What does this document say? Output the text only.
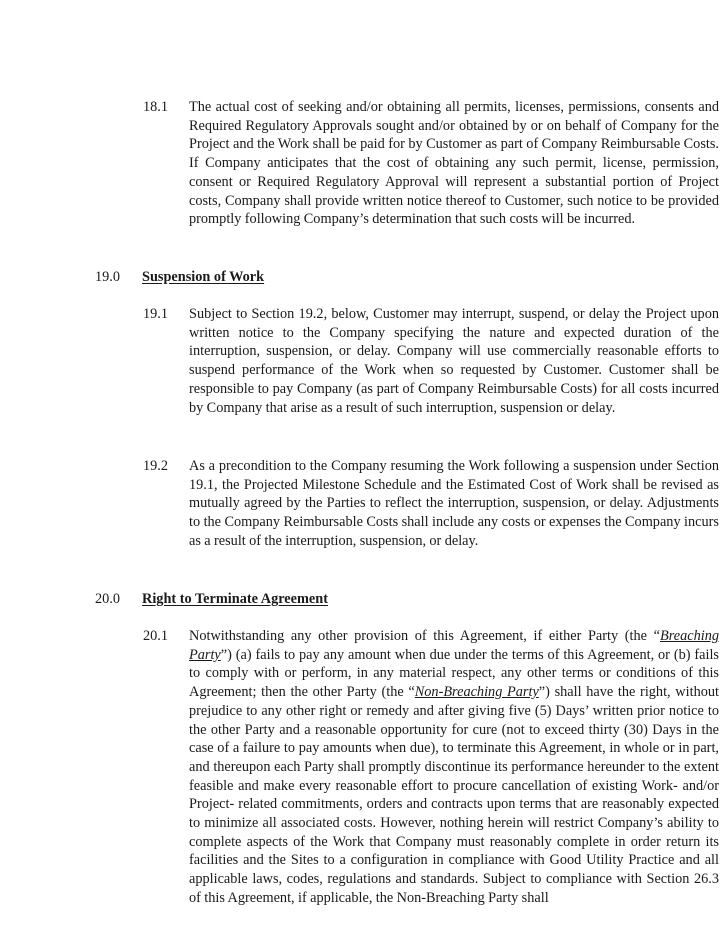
18.1 The actual cost of seeking and/or obtaining all permits, licenses, permissions, consents and Required Regulatory Approvals sought and/or obtained by or on behalf of Company for the Project and the Work shall be paid for by Customer as part of Company Reimbursable Costs. If Company anticipates that the cost of obtaining any such permit, license, permission, consent or Required Regulatory Approval will represent a substantial portion of Project costs, Company shall provide written notice thereof to Customer, such notice to be provided promptly following Company’s determination that such costs will be incurred.

19.0 Suspension of Work
19.1 Subject to Section 19.2, below, Customer may interrupt, suspend, or delay the Project upon written notice to the Company specifying the nature and expected duration of the interruption, suspension, or delay. Company will use commercially reasonable efforts to suspend performance of the Work when so requested by Customer. Customer shall be responsible to pay Company (as part of Company Reimbursable Costs) for all costs incurred by Company that arise as a result of such interruption, suspension or delay.

19.2 As a precondition to the Company resuming the Work following a suspension under Section 19.1, the Projected Milestone Schedule and the Estimated Cost of Work shall be revised as mutually agreed by the Parties to reflect the interruption, suspension, or delay. Adjustments to the Company Reimbursable Costs shall include any costs or expenses the Company incurs as a result of the interruption, suspension, or delay.

20.0 Right to Terminate Agreement
20.1 Notwithstanding any other provision of this Agreement, if either Party (the “Breaching Party”) (a) fails to pay any amount when due under the terms of this Agreement, or (b) fails to comply with or perform, in any material respect, any other terms or conditions of this Agreement; then the other Party (the “Non-Breaching Party”) shall have the right, without prejudice to any other right or remedy and after giving five (5) Days’ written prior notice to the other Party and a reasonable opportunity for cure (not to exceed thirty (30) Days in the case of a failure to pay amounts when due), to terminate this Agreement, in whole or in part, and thereupon each Party shall promptly discontinue its performance hereunder to the extent feasible and make every reasonable effort to procure cancellation of existing Work- and/or Project- related commitments, orders and contracts upon terms that are reasonably expected to minimize all associated costs. However, nothing herein will restrict Company’s ability to complete aspects of the Work that Company must reasonably complete in order return its facilities and the Sites to a configuration in compliance with Good Utility Practice and all applicable laws, codes, regulations and standards. Subject to compliance with Section 26.3 of this Agreement, if applicable, the Non-Breaching Party shall
